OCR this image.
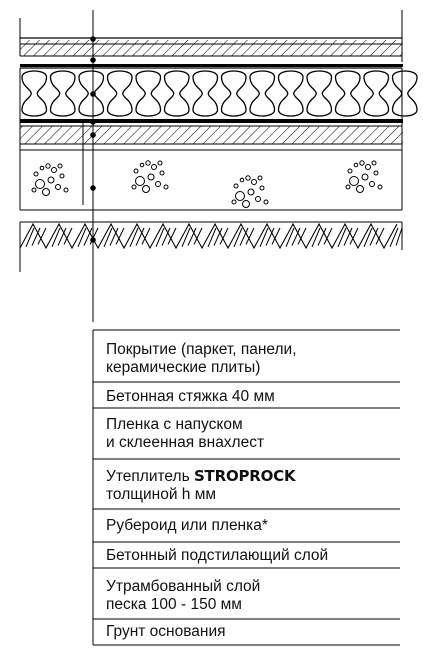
Покрытие (паркет, панели,
керамические плиты)
Бетонная стяжка 40 мм
Пленка с напуском
и склеенная внахлест
Утеплитель STROPROCK
толщиной h мм
Рубероид или пленка*
Бетонный подстилающий слой
Утрамбованный слой
песка 100 - 150 мм
Грунт основания
